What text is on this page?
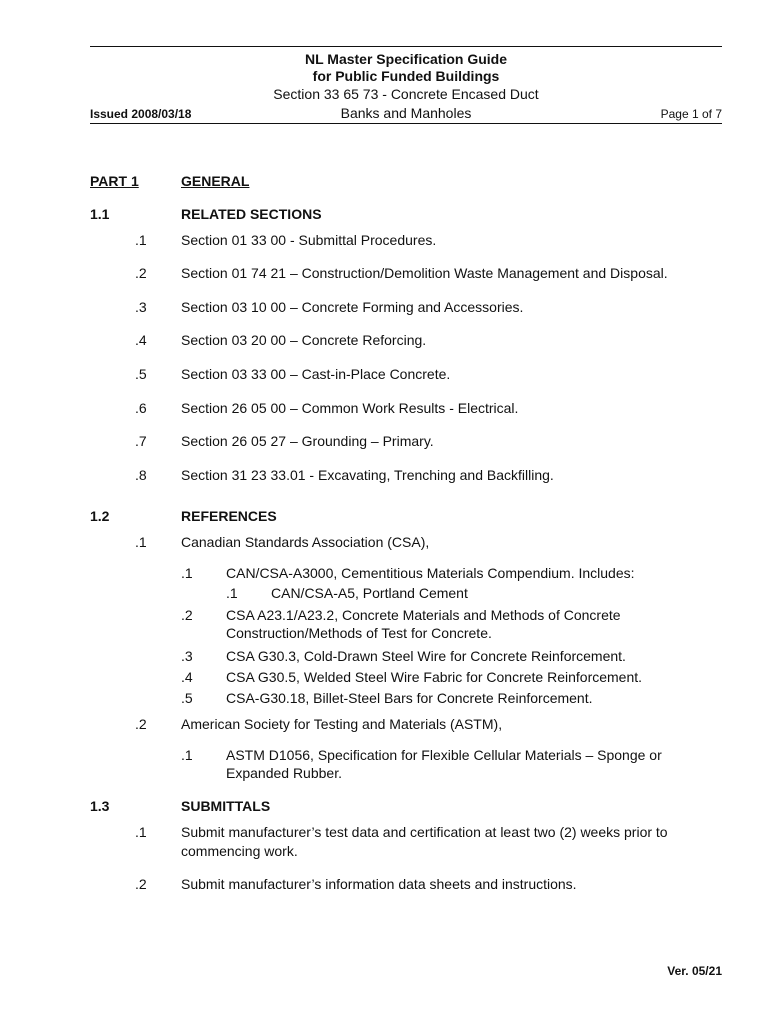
NL Master Specification Guide
for Public Funded Buildings
Section 33 65 73 - Concrete Encased Duct
Banks and Manholes
Issued 2008/03/18	Page 1 of 7
PART 1	GENERAL
1.1	RELATED SECTIONS
.1 Section 01 33 00 - Submittal Procedures.
.2 Section 01 74 21 – Construction/Demolition Waste Management and Disposal.
.3 Section 03 10 00 – Concrete Forming and Accessories.
.4 Section 03 20 00 – Concrete Reforcing.
.5 Section 03 33 00 – Cast-in-Place Concrete.
.6 Section 26 05 00 – Common Work Results - Electrical.
.7 Section 26 05 27 – Grounding – Primary.
.8 Section 31 23 33.01 - Excavating, Trenching and Backfilling.
1.2	REFERENCES
.1 Canadian Standards Association (CSA),
.1 CAN/CSA-A3000, Cementitious Materials Compendium. Includes:
.1 CAN/CSA-A5, Portland Cement
.2 CSA A23.1/A23.2, Concrete Materials and Methods of Concrete
Construction/Methods of Test for Concrete.
.3 CSA G30.3, Cold-Drawn Steel Wire for Concrete Reinforcement.
.4 CSA G30.5, Welded Steel Wire Fabric for Concrete Reinforcement.
.5 CSA-G30.18, Billet-Steel Bars for Concrete Reinforcement.
.2 American Society for Testing and Materials (ASTM),
.1 ASTM D1056, Specification for Flexible Cellular Materials – Sponge or
Expanded Rubber.
1.3	SUBMITTALS
.1 Submit manufacturer’s test data and certification at least two (2) weeks prior to
commencing work.
.2 Submit manufacturer’s information data sheets and instructions.
Ver. 05/21
